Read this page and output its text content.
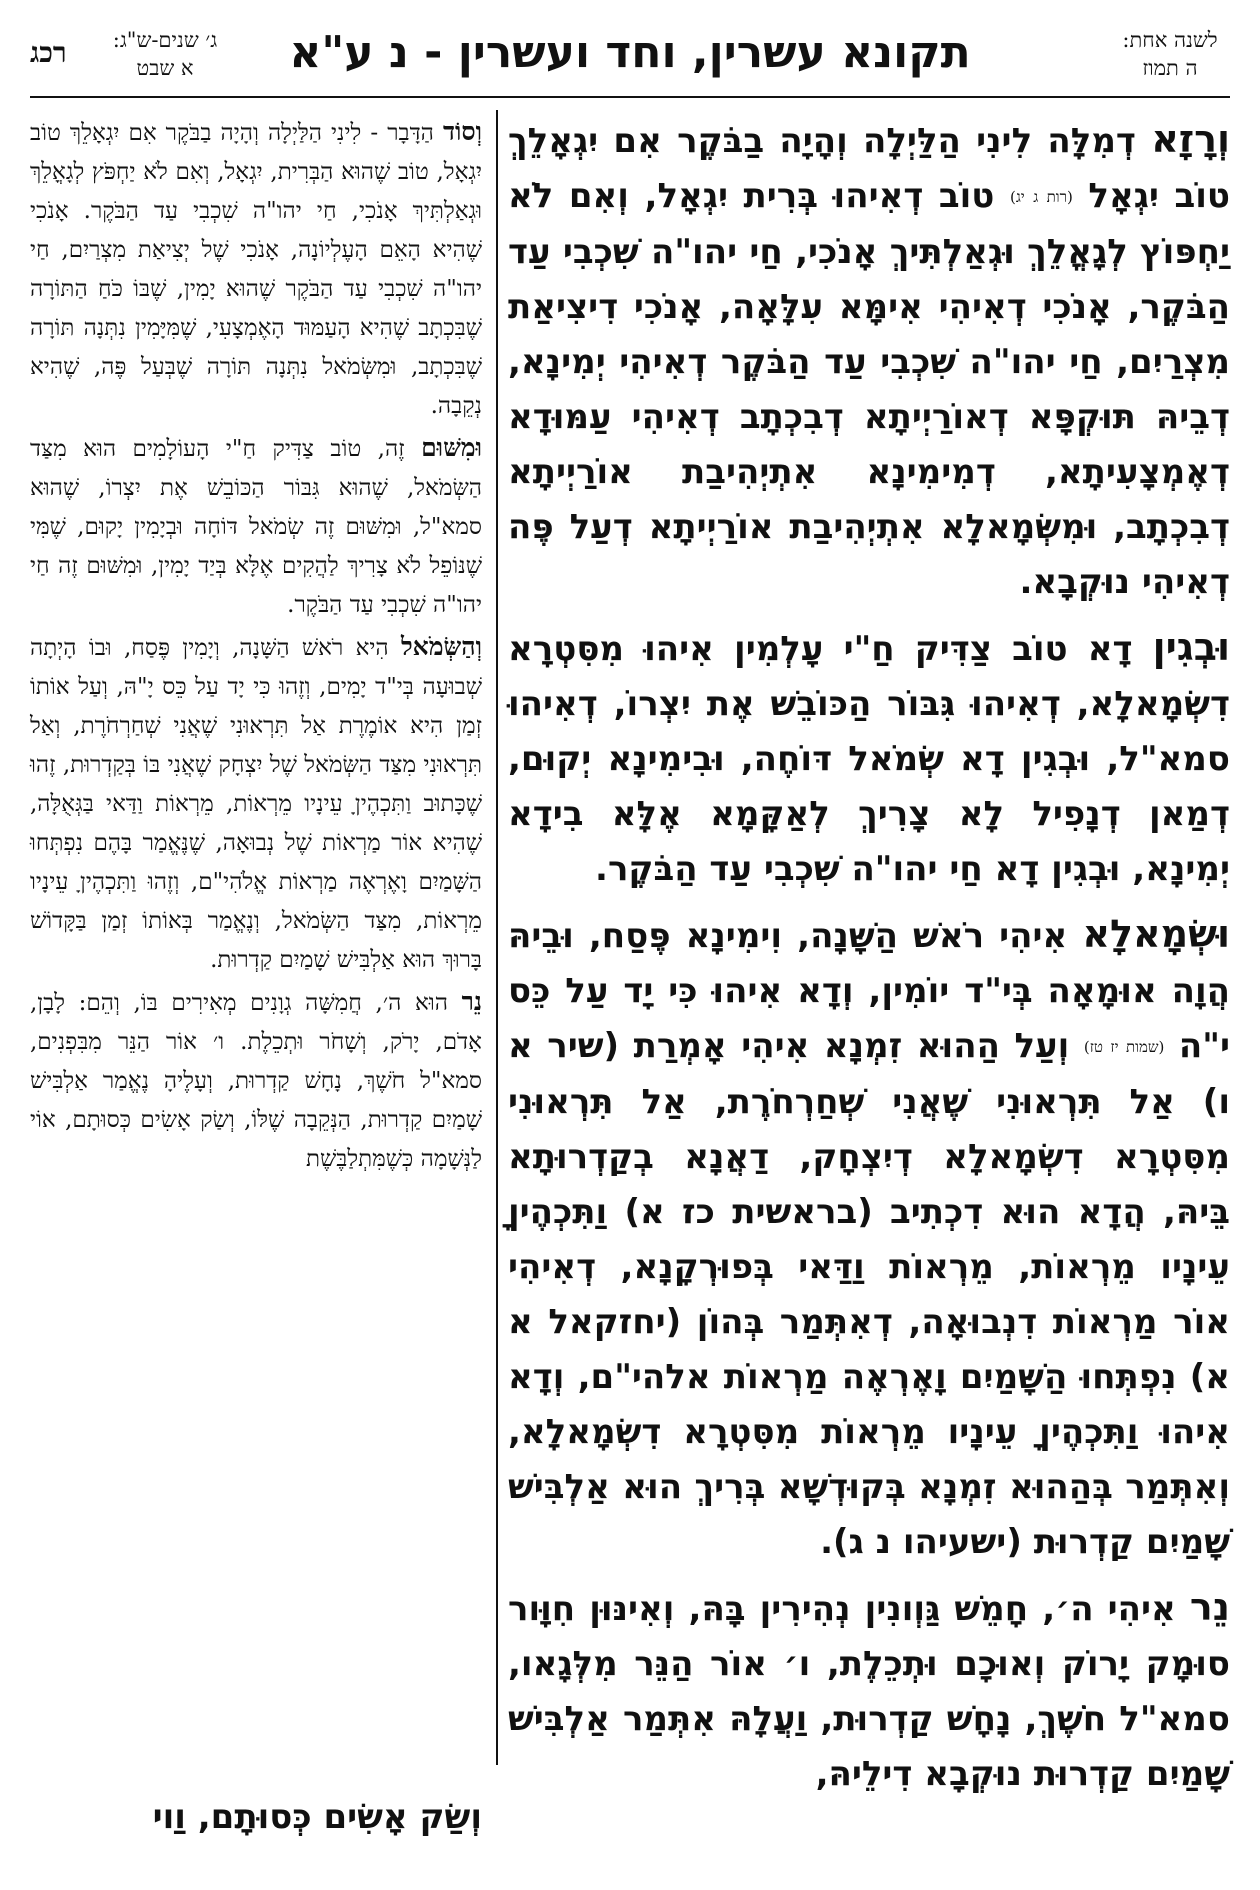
לשנה אחת:
ה תמוז
תקונא עשרין, וחד ועשרין - נ ע"א
ג׳ שנים-ש"ג:
א שבט
רכג

וְרָזָא דְמִלָּה לִינִי הַלַּיְלָה וְהָיָה בַבֹּקֶר אִם יִגְאָלֵךְ טוֹב יִגְאָל (רות ג יג) טוֹב דְאִיהוּ בְּרִית יִגְאָל, וְאִם לֹא יַחְפּוֹץ לְגָאֳלֵךְ וּגְאַלְתִּיךְ אָנֹכִי, חַי יהו"ה שִׁכְבִי עַד הַבֹּקֶר, אָנֹכִי דְאִיהִי אִימָּא עִלָּאָה, אָנֹכִי דִיצִיאַת מִצְרַיִם, חַי יהו"ה שִׁכְבִי עַד הַבֹּקֶר דְאִיהִי יְמִינָא, דְבֵיהּ תּוּקְפָּא דְאוֹרַיְיתָא דְבִכְתָב דְאִיהִי עַמּוּדָא דְאֶמְצָעִיתָא, דְמִימִינָא אִתְיְהִיבַת אוֹרַיְיתָא דְבִכְתָב, וּמִשְּׂמָאלָא אִתְיְהִיבַת אוֹרַיְיתָא דְעַל פֶּה דְאִיהִי נוּקְבָא.

וּבְגִין דָא טוֹב צַדִּיק חַ"י עָלְמִין אִיהוּ מִסִּטְרָא דִשְׂמָאלָא, דְאִיהוּ גִּבּוֹר הַכּוֹבֵשׁ אֶת יִצְרוֹ, דְאִיהוּ סמא"ל, וּבְגִין דָא שְׂמֹאל דּוֹחֶה, וּבִימִינָא יְקוּם, דְמַאן דְנָפִיל לָא צָרִיךְ לְאַקָּמָא אֶלָּא בִידָא יְמִינָא, וּבְגִין דָא חַי יהו"ה שִׁכְבִי עַד הַבֹּקֶר.

וּשְׂמָאלָא אִיהִי רֹאשׁ הַשָּׁנָה, וִימִינָא פֶּסַח, וּבֵיהּ הֲוָה אוּמָאָה בְּי"ד יוֹמִין, וְדָא אִיהוּ כִּי יָד עַל כֵּס י"ה (שמות יז טז) וְעַל הַהוּא זִמְנָא אִיהִי אָמְרַת (שיר א ו) אַל תִּרְאוּנִי שֶׁאֲנִי שְׁחַרְחֹרֶת, אַל תִּרְאוּנִי מִסִּטְרָא דִשְׂמָאלָא דְיִצְחָק, דַאֲנָא בְקַדְרוּתָא בֵּיהּ, הֲדָא הוּא דִכְתִיב (בראשית כז א) וַתִּכְהֶיןָ עֵינָיו מֵרְאוֹת, מֵרְאוֹת וַדַּאי בְּפוּרְקָנָא, דְאִיהִי אוֹר מַרְאוֹת דִנְבוּאָה, דְאִתְּמַר בְּהוֹן (יחזקאל א א) נִפְתְּחוּ הַשָּׁמַיִם וָאֶרְאֶה מַרְאוֹת אלהי"ם, וְדָא אִיהוּ וַתִּכְהֶיןָ עֵינָיו מֵרְאוֹת מִסִּטְרָא דִשְׂמָאלָא, וְאִתְּמַר בְּהַהוּא זִמְנָא בְּקוּדְשָׁא בְּרִיךְ הוּא אַלְבִּישׁ שָׁמַיִם קַדְרוּת (ישעיהו נ ג).

נֵר אִיהִי ה׳, חָמֵשׁ גַּוְונִין נְהִירִין בָּהּ, וְאִינּוּן חִוָּור סוּמָק יָרוֹק וְאוּכָם וּתְכֵלֶת, ו׳ אוֹר הַנֵּר מִלְּגָאו, סמא"ל חֹשֶׁךְ, נָחָשׁ קַדְרוּת, וַעֲלָהּ אִתְּמַר אַלְבִּישׁ שָׁמַיִם קַדְרוּת נוּקְבָא דִילֵיהּ,

וְסוֹד הַדָּבָר - לִינִי הַלַּיְלָה וְהָיָה בַבֹּקֶר אִם יִגְאָלֵךְ טוֹב יִגְאָל, טוֹב שֶׁהוּא הַבְּרִית, יִגְאָל, וְאִם לֹא יַחְפֹּץ לְגָאֳלֵךְ וּגְאַלְתִּיךְ אָנֹכִי, חַי יהו"ה שִׁכְבִי עַד הַבֹּקֶר. אָנֹכִי שֶׁהִיא הָאֵם הָעֶלְיוֹנָה, אָנֹכִי שֶׁל יְצִיאַת מִצְרַיִם, חַי יהו"ה שִׁכְבִי עַד הַבֹּקֶר שֶׁהוּא יָמִין, שֶׁבּוֹ כֹּחַ הַתּוֹרָה שֶׁבִּכְתָב שֶׁהִיא הָעַמּוּד הָאֶמְצָעִי, שֶׁמִּיָּמִין נִתְּנָה תּוֹרָה שֶׁבִּכְתָב, וּמִשְּׂמֹאל נִתְּנָה תּוֹרָה שֶׁבְּעַל פֶּה, שֶׁהִיא נְקֵבָה.

וּמִשּׁוּם זֶה, טוֹב צַדִּיק חַ"י הָעוֹלָמִים הוּא מִצַּד הַשְּׂמֹאל, שֶׁהוּא גִּבּוֹר הַכּוֹבֵשׁ אֶת יִצְרוֹ, שֶׁהוּא סמא"ל, וּמִשּׁוּם זֶה שְׂמֹאל דּוֹחָה וּבְיָמִין יָקוּם, שֶׁמִּי שֶׁנּוֹפֵל לֹא צָרִיךְ לַהֲקִים אֶלָּא בְּיַד יָמִין, וּמִשּׁוּם זֶה חַי יהו"ה שִׁכְבִי עַד הַבֹּקֶר.

וְהַשְּׂמֹאל הִיא רֹאשׁ הַשָּׁנָה, וְיָמִין פֶּסַח, וּבוֹ הָיְתָה שְׁבוּעָה בְּי"ד יָמִים, וְזֶהוּ כִּי יָד עַל כֵּס יָ"הּ, וְעַל אוֹתוֹ זְמַן הִיא אוֹמֶרֶת אַל תִּרְאוּנִי שֶׁאֲנִי שְׁחַרְחֹרֶת, וְאַל תִּרְאוּנִי מִצַּד הַשְּׂמֹאל שֶׁל יִצְחָק שֶׁאֲנִי בּוֹ בְּקַדְרוּת, זֶהוּ שֶׁכָּתוּב וַתִּכְהֶיןָ עֵינָיו מֵרְאוֹת, מֵרְאוֹת וַדַּאי בַּגְּאֻלָּה, שֶׁהִיא אוֹר מַרְאוֹת שֶׁל נְבוּאָה, שֶׁנֶּאֱמַר בָּהֶם נִפְתְּחוּ הַשָּׁמַיִם וָאֶרְאֶה מַרְאוֹת אֱלֹהִי"ם, וְזֶהוּ וַתִּכְהֶיןָ עֵינָיו מֵרְאוֹת, מִצַּד הַשְּׂמֹאל, וְנֶאֱמַר בְּאוֹתוֹ זְמַן בַּקָּדוֹשׁ בָּרוּךְ הוּא אַלְבִּישׁ שָׁמַיִם קַדְרוּת.

נֵר הוּא ה׳, חֲמִשָּׁה גְוָנִים מְאִירִים בּוֹ, וְהֵם: לָבָן, אָדֹם, יָרֹק, וְשָׁחֹר וּתְכֵלֶת. ו׳ אוֹר הַנֵּר מִבִּפְנִים, סמא"ל חֹשֶׁךְ, נָחָשׁ קַדְרוּת, וְעָלֶיהָ נֶאֱמַר אַלְבִּישׁ שָׁמַיִם קַדְרוּת, הַנְּקֵבָה שֶׁלּוֹ, וְשַׂק אָשִׂים כְּסוּתָם, אוֹי לַנְּשָׁמָה כְּשֶׁמִּתְלַבֶּשֶׁת

וְשַׂק אָשִׂים כְּסוּתָם, וַוי
